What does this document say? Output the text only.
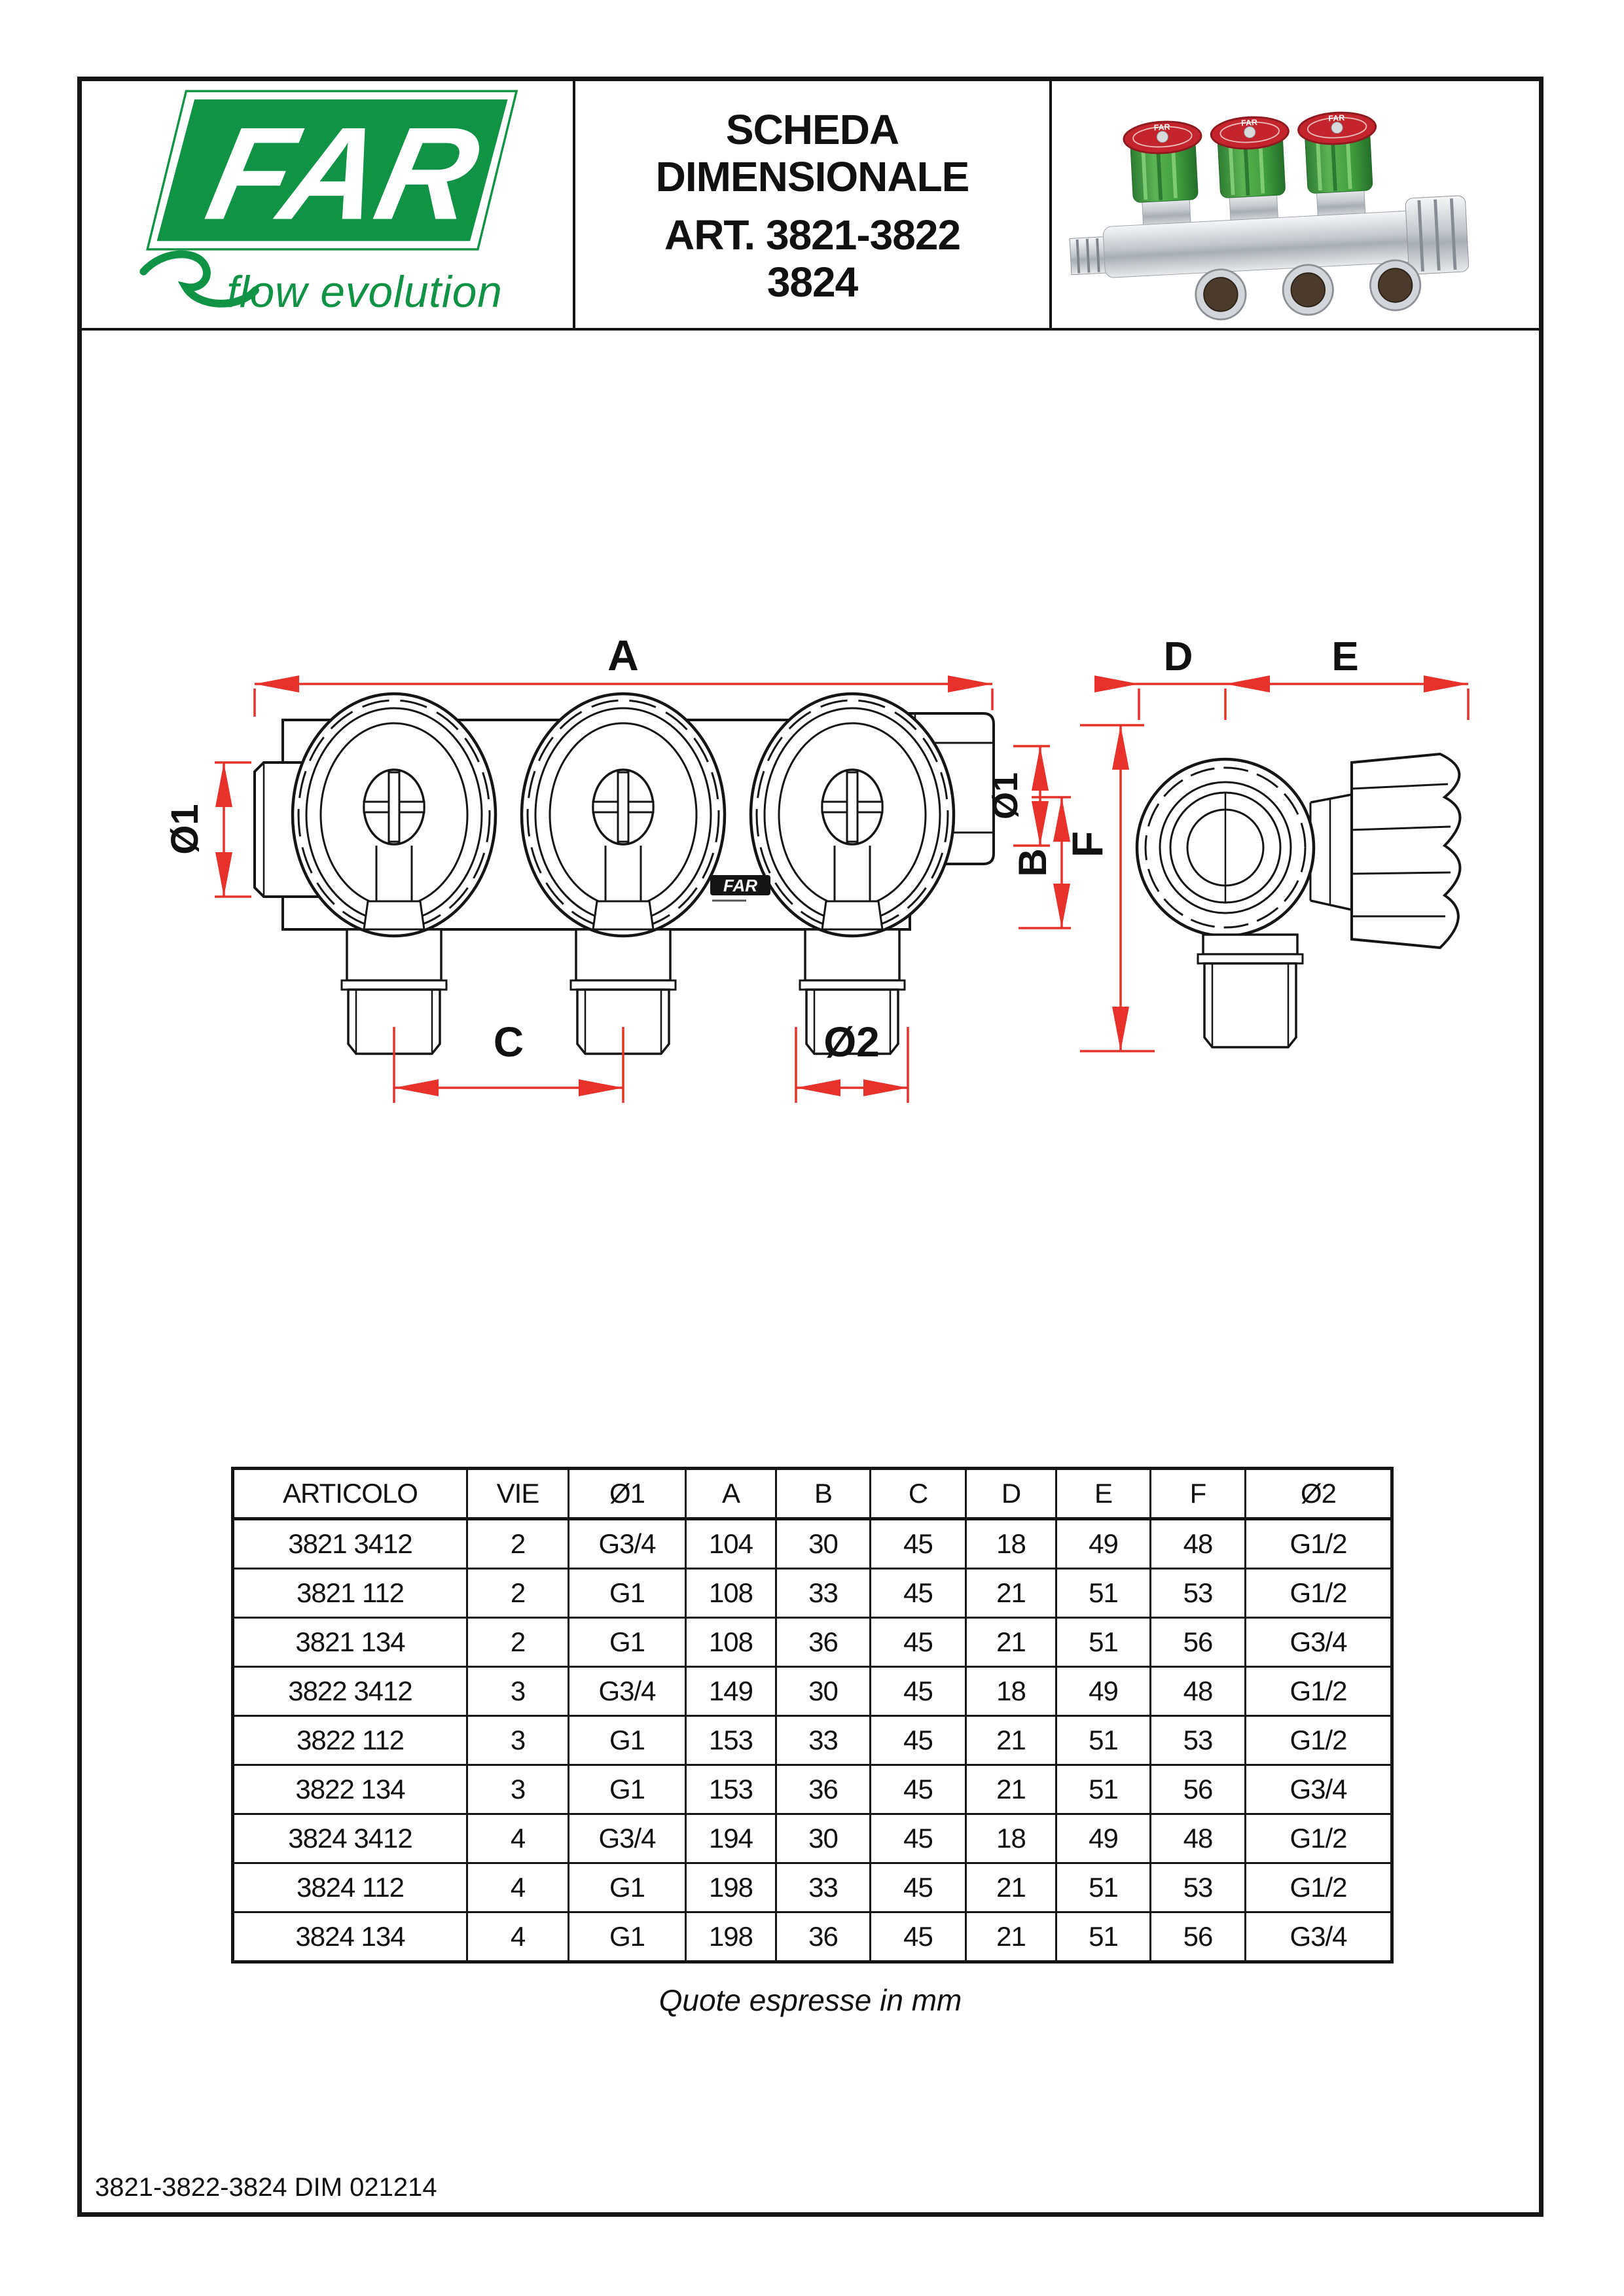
FAR
flow evolution
SCHEDA
DIMENSIONALE
ART. 3821-3822
3824
FAR	FAR	FAR
FAR
A	D	E
C	Ø2
Ø1
Ø1
B
F
ARTICOLO	VIE	Ø1	A	B	C	D	E	F	Ø2
3821 3412	2	G3/4	104	30	45	18	49	48	G1/2
3821 112	2	G1	108	33	45	21	51	53	G1/2
3821 134	2	G1	108	36	45	21	51	56	G3/4
3822 3412	3	G3/4	149	30	45	18	49	48	G1/2
3822 112	3	G1	153	33	45	21	51	53	G1/2
3822 134	3	G1	153	36	45	21	51	56	G3/4
3824 3412	4	G3/4	194	30	45	18	49	48	G1/2
3824 112	4	G1	198	33	45	21	51	53	G1/2
3824 134	4	G1	198	36	45	21	51	56	G3/4
Quote espresse in mm
3821-3822-3824 DIM 021214
